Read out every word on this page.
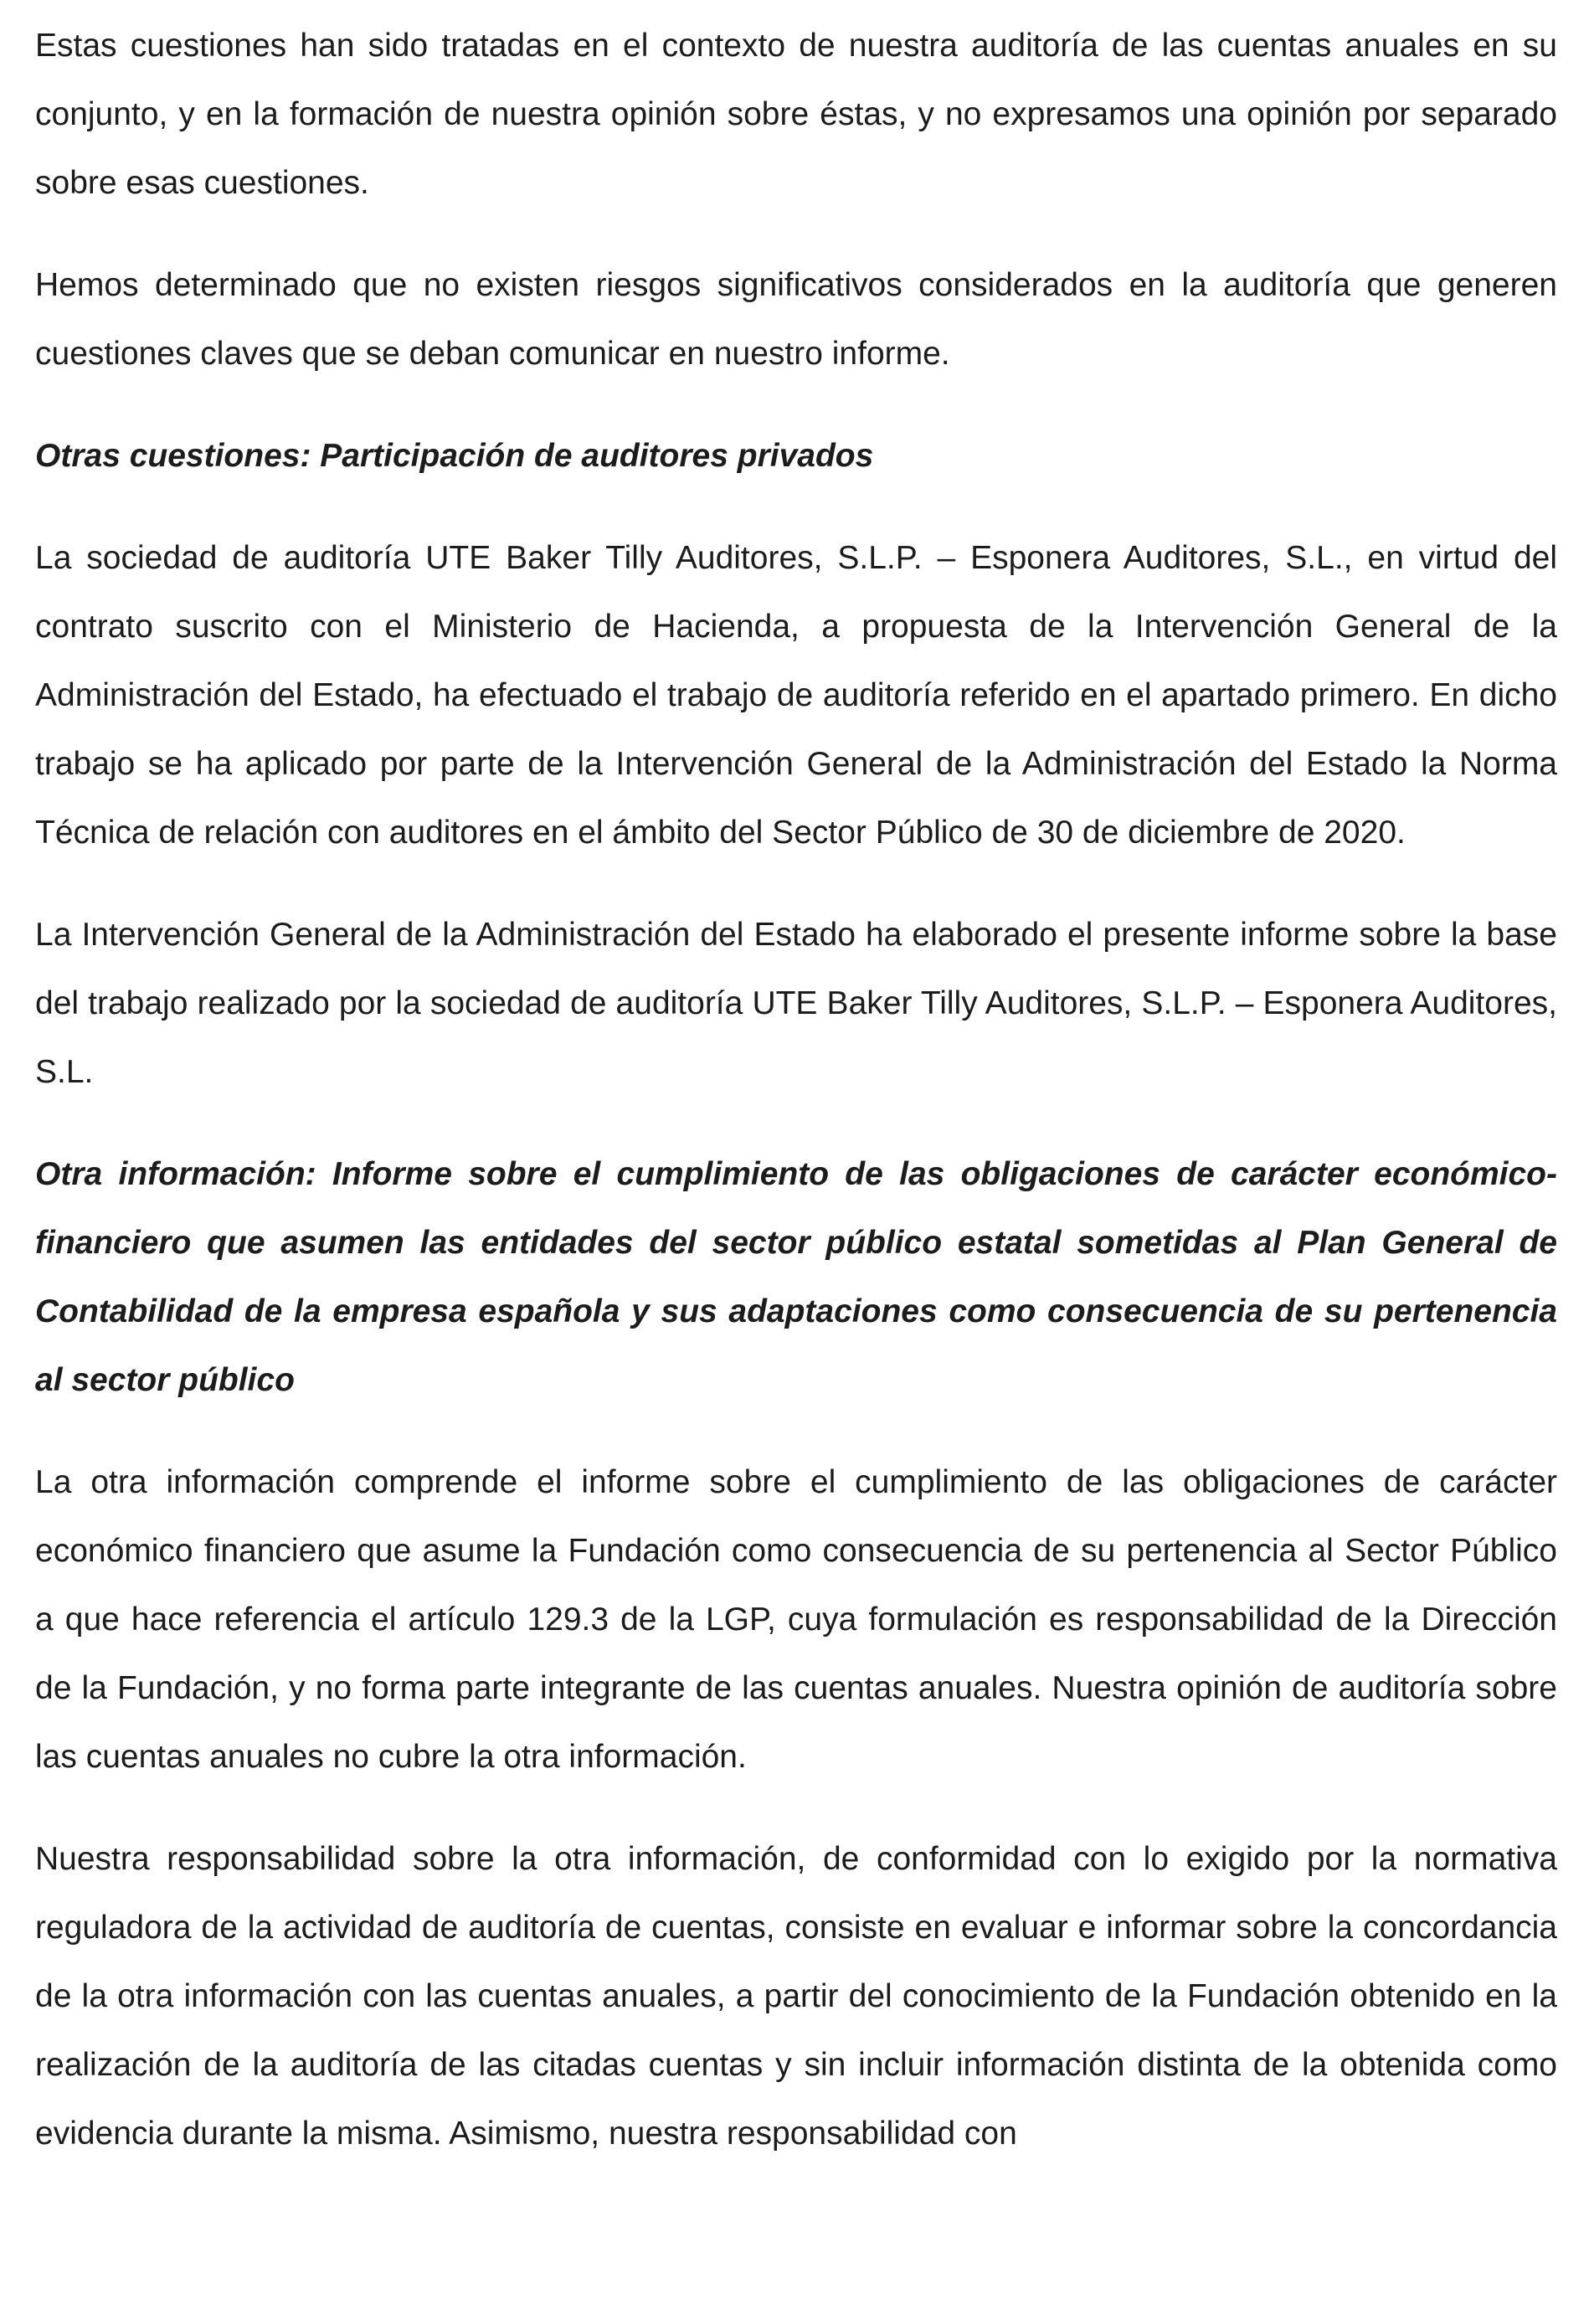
Estas cuestiones han sido tratadas en el contexto de nuestra auditoría de las cuentas anuales en su conjunto, y en la formación de nuestra opinión sobre éstas, y no expresamos una opinión por separado sobre esas cuestiones.

Hemos determinado que no existen riesgos significativos considerados en la auditoría que generen cuestiones claves que se deban comunicar en nuestro informe.

Otras cuestiones: Participación de auditores privados

La sociedad de auditoría UTE Baker Tilly Auditores, S.L.P. – Esponera Auditores, S.L., en virtud del contrato suscrito con el Ministerio de Hacienda, a propuesta de la Intervención General de la Administración del Estado, ha efectuado el trabajo de auditoría referido en el apartado primero. En dicho trabajo se ha aplicado por parte de la Intervención General de la Administración del Estado la Norma Técnica de relación con auditores en el ámbito del Sector Público de 30 de diciembre de 2020.

La Intervención General de la Administración del Estado ha elaborado el presente informe sobre la base del trabajo realizado por la sociedad de auditoría UTE Baker Tilly Auditores, S.L.P. – Esponera Auditores, S.L.

Otra información: Informe sobre el cumplimiento de las obligaciones de carácter económico-financiero que asumen las entidades del sector público estatal sometidas al Plan General de Contabilidad de la empresa española y sus adaptaciones como consecuencia de su pertenencia al sector público

La otra información comprende el informe sobre el cumplimiento de las obligaciones de carácter económico financiero que asume la Fundación como consecuencia de su pertenencia al Sector Público a que hace referencia el artículo 129.3 de la LGP, cuya formulación es responsabilidad de la Dirección de la Fundación, y no forma parte integrante de las cuentas anuales. Nuestra opinión de auditoría sobre las cuentas anuales no cubre la otra información.

Nuestra responsabilidad sobre la otra información, de conformidad con lo exigido por la normativa reguladora de la actividad de auditoría de cuentas, consiste en evaluar e informar sobre la concordancia de la otra información con las cuentas anuales, a partir del conocimiento de la Fundación obtenido en la realización de la auditoría de las citadas cuentas y sin incluir información distinta de la obtenida como evidencia durante la misma. Asimismo, nuestra responsabilidad con
